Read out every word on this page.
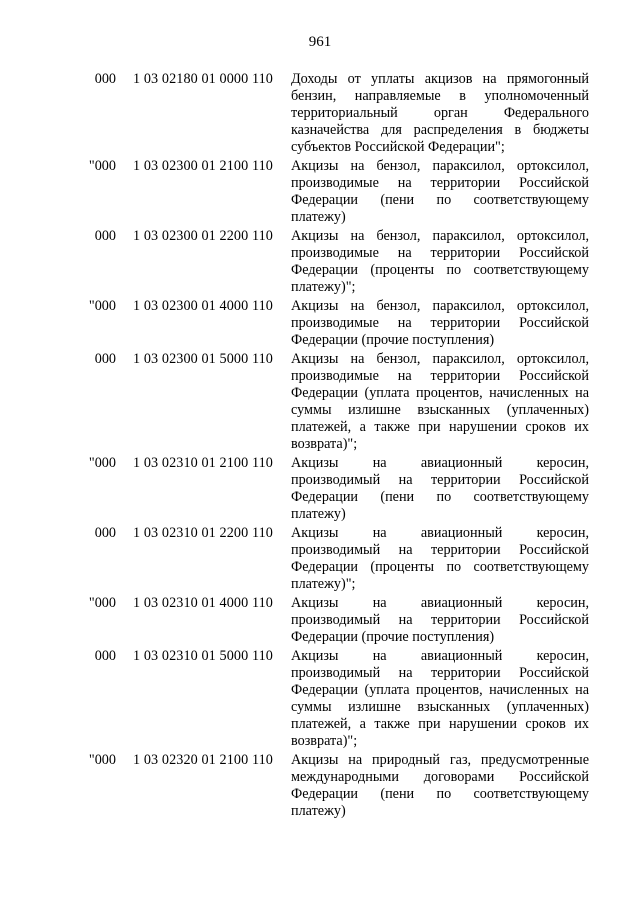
961
000 1 03 02180 01 0000 110 Доходы от уплаты акцизов на прямогонный бензин, направляемые в уполномоченный территориальный орган Федерального казначейства для распределения в бюджеты субъектов Российской Федерации";
"000 1 03 02300 01 2100 110 Акцизы на бензол, параксилол, ортоксилол, производимые на территории Российской Федерации (пени по соответствующему платежу)
000 1 03 02300 01 2200 110 Акцизы на бензол, параксилол, ортоксилол, производимые на территории Российской Федерации (проценты по соответствующему платежу)";
"000 1 03 02300 01 4000 110 Акцизы на бензол, параксилол, ортоксилол, производимые на территории Российской Федерации (прочие поступления)
000 1 03 02300 01 5000 110 Акцизы на бензол, параксилол, ортоксилол, производимые на территории Российской Федерации (уплата процентов, начисленных на суммы излишне взысканных (уплаченных) платежей, а также при нарушении сроков их возврата)";
"000 1 03 02310 01 2100 110 Акцизы на авиационный керосин, производимый на территории Российской Федерации (пени по соответствующему платежу)
000 1 03 02310 01 2200 110 Акцизы на авиационный керосин, производимый на территории Российской Федерации (проценты по соответствующему платежу)";
"000 1 03 02310 01 4000 110 Акцизы на авиационный керосин, производимый на территории Российской Федерации (прочие поступления)
000 1 03 02310 01 5000 110 Акцизы на авиационный керосин, производимый на территории Российской Федерации (уплата процентов, начисленных на суммы излишне взысканных (уплаченных) платежей, а также при нарушении сроков их возврата)";
"000 1 03 02320 01 2100 110 Акцизы на природный газ, предусмотренные международными договорами Российской Федерации (пени по соответствующему платежу)
